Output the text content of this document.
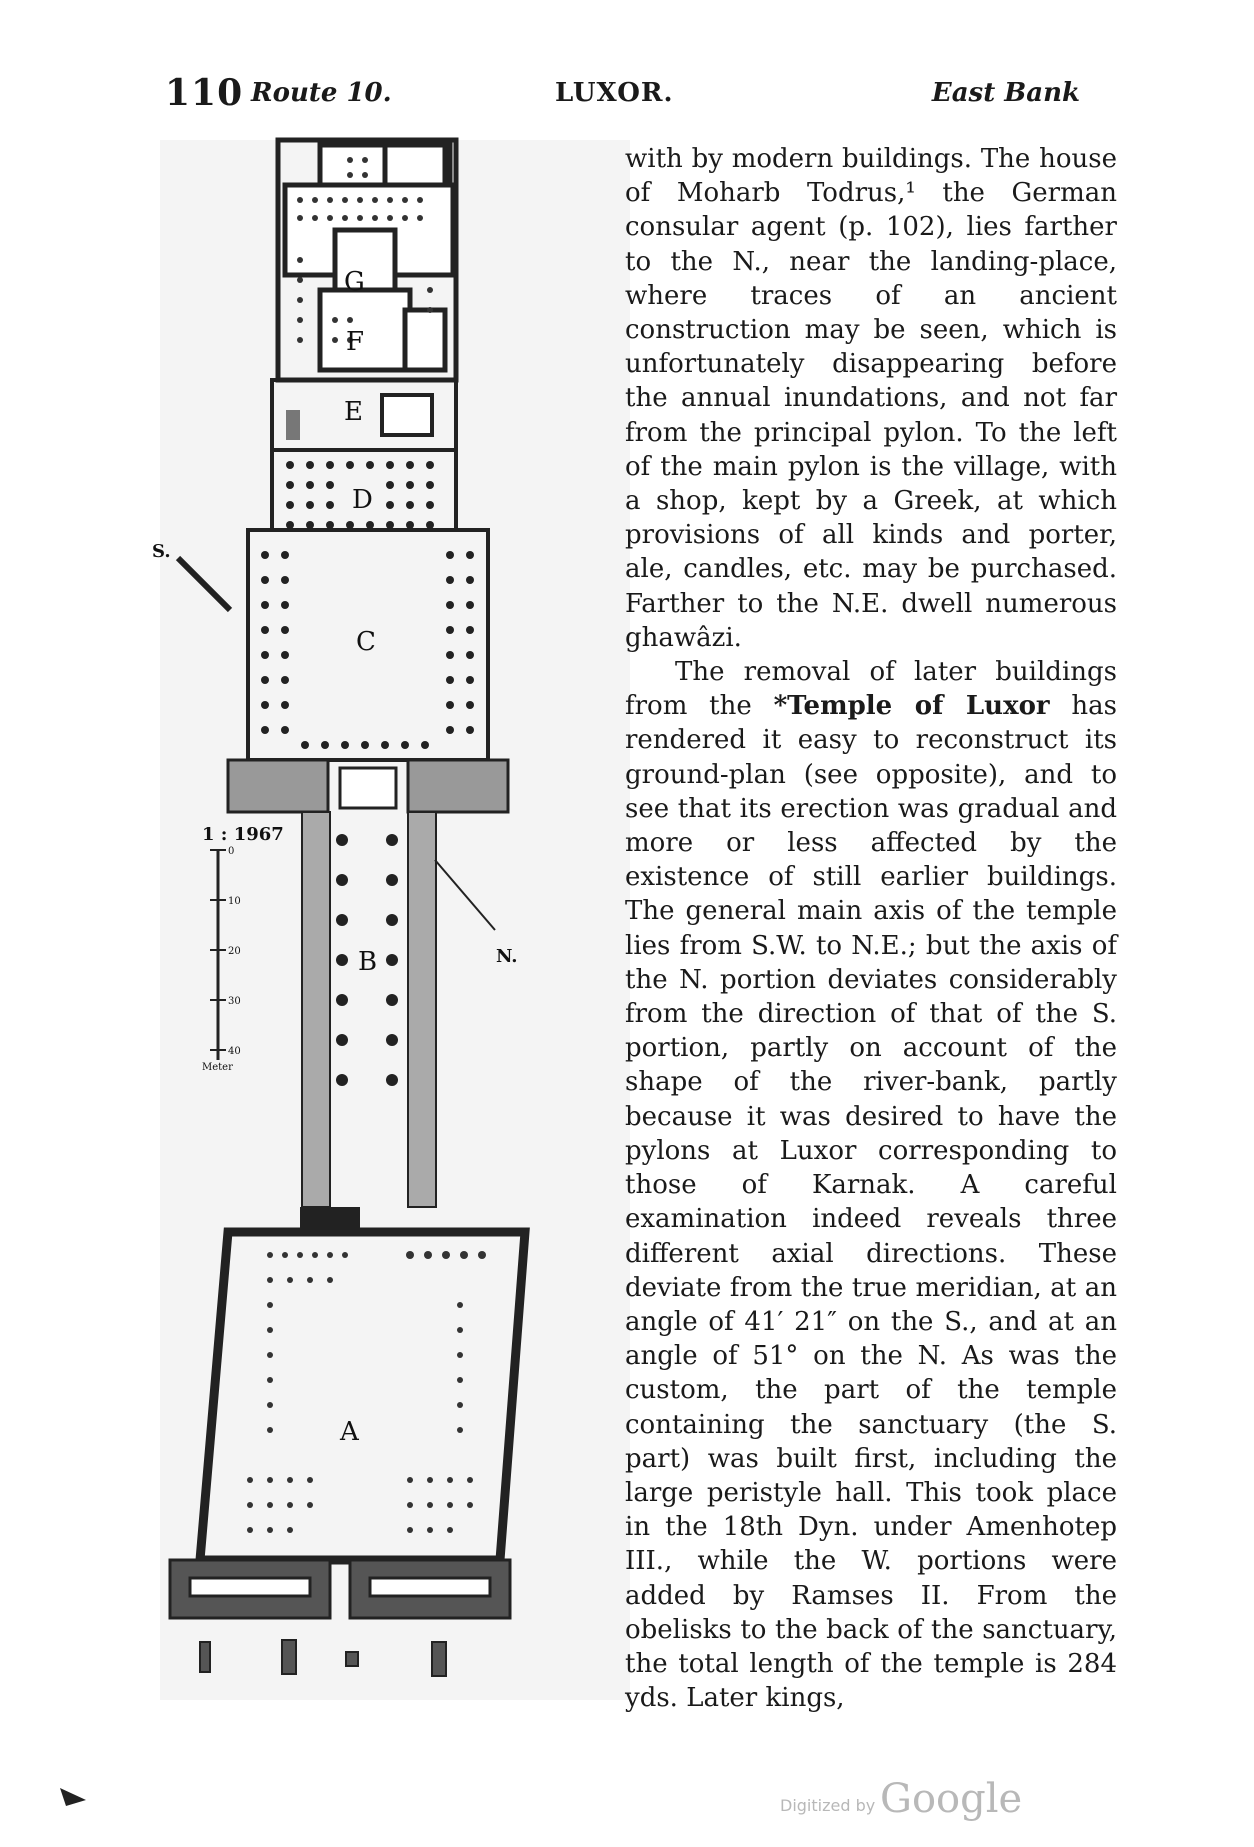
110 Route 10.	LUXOR.	East Bank
G
F
E
D
C
S.
B	N.
1 : 1967
0
10
20
30
40
Meter
A

with by modern buildings. The house of Moharb Todrus,¹ the German consular agent (p. 102), lies farther to the N., near the landing-place, where traces of an ancient construction may be seen, which is unfortunately disappearing before the annual inundations, and not far from the principal pylon. To the left of the main pylon is the village, with a shop, kept by a Greek, at which provisions of all kinds and porter, ale, candles, etc. may be purchased. Farther to the N.E. dwell numerous ghawâzi.

The removal of later buildings from the *Temple of Luxor has rendered it easy to reconstruct its ground-plan (see opposite), and to see that its erection was gradual and more or less affected by the existence of still earlier buildings. The general main axis of the temple lies from S.W. to N.E.; but the axis of the N. portion deviates considerably from the direction of that of the S. portion, partly on account of the shape of the river-bank, partly because it was desired to have the pylons at Luxor corresponding to those of Karnak. A careful examination indeed reveals three different axial directions. These deviate from the true meridian, at an angle of 41′ 21″ on the S., and at an angle of 51° on the N. As was the custom, the part of the temple containing the sanctuary (the S. part) was built first, including the large peristyle hall. This took place in the 18th Dyn. under Amenhotep III., while the W. portions were added by Ramses II. From the obelisks to the back of the sanctuary, the total length of the temple is 284 yds. Later kings,

Digitized by Google
